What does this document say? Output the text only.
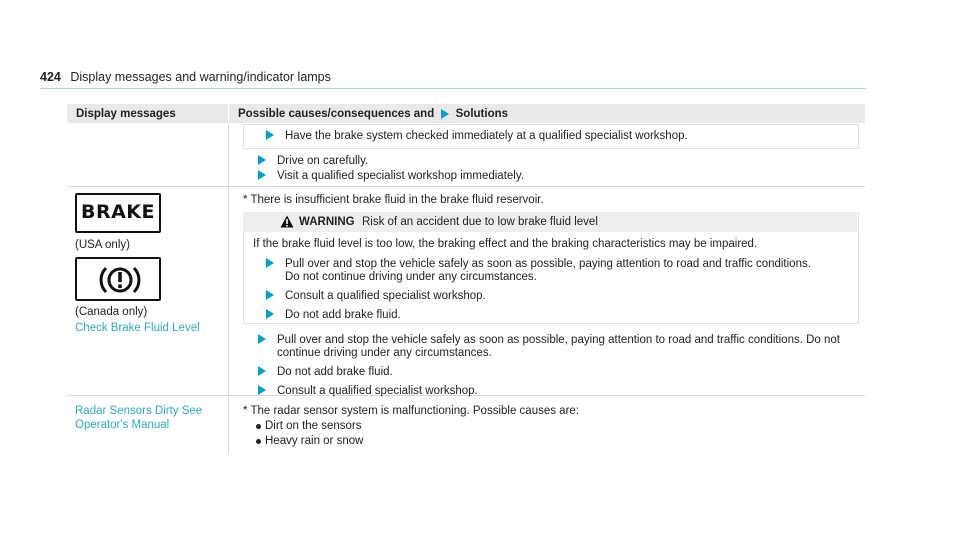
424 Display messages and warning/indicator lamps
Display messages	Possible causes/consequences and Solutions
Have the brake system checked immediately at a qualified specialist workshop.
Drive on carefully.
Visit a qualified specialist workshop immediately.
BRAKE
(USA only)
(Canada only)
Check Brake Fluid Level
* There is insufficient brake fluid in the brake fluid reservoir.
WARNING Risk of an accident due to low brake fluid level
If the brake fluid level is too low, the braking effect and the braking characteristics may be impaired.
Pull over and stop the vehicle safely as soon as possible, paying attention to road and traffic conditions.
Do not continue driving under any circumstances.
Consult a qualified specialist workshop.
Do not add brake fluid.
Pull over and stop the vehicle safely as soon as possible, paying attention to road and traffic conditions. Do not
continue driving under any circumstances.
Do not add brake fluid.
Consult a qualified specialist workshop.
Radar Sensors Dirty See
Operator's Manual
* The radar sensor system is malfunctioning. Possible causes are:
Dirt on the sensors
Heavy rain or snow
